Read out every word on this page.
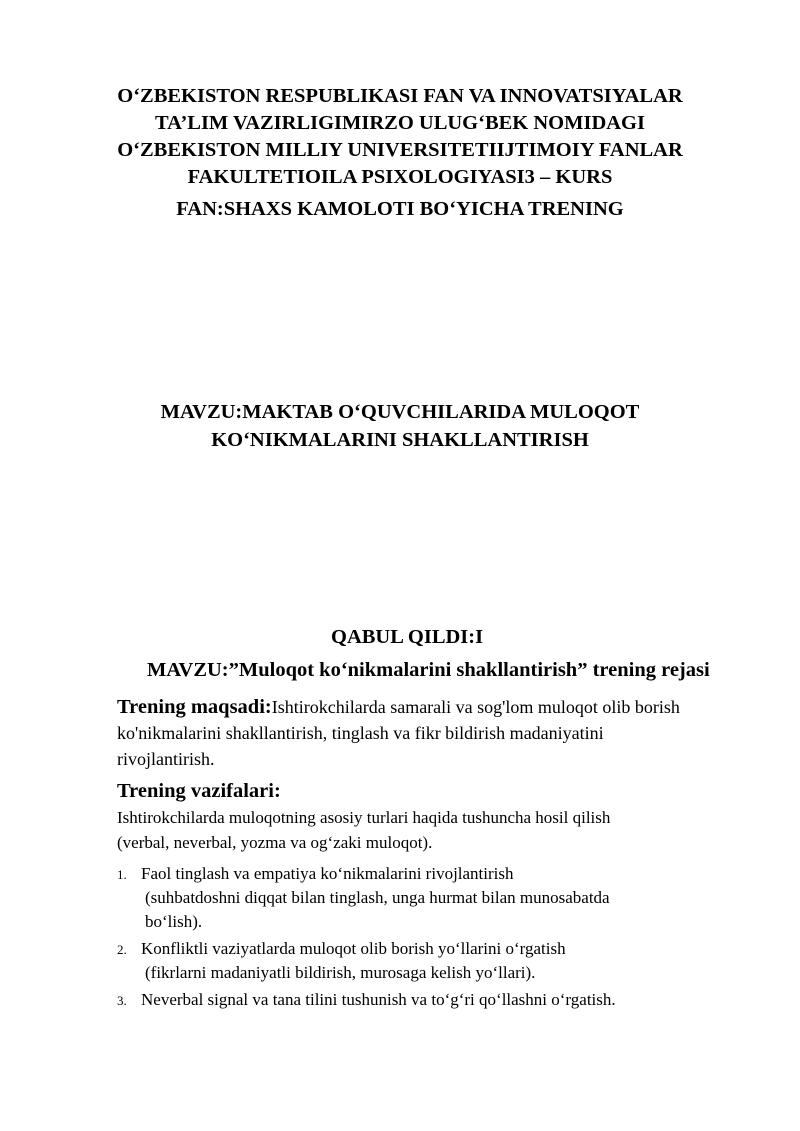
O‘ZBEKISTON RESPUBLIKASI FAN VA INNOVATSIYALAR
TA’LIM VAZIRLIGIMIRZO ULUG‘BEK NOMIDAGI
O‘ZBEKISTON MILLIY UNIVERSITETIIJTIMOIY FANLAR
FAKULTETIOILA PSIXOLOGIYASI3 – KURS
FAN:SHAXS KAMOLOTI BO‘YICHA TRENING
MAVZU:MAKTAB O‘QUVCHILARIDA MULOQOT
KO‘NIKMALARINI SHAKLLANTIRISH
QABUL QILDI:I
MAVZU:”Muloqot ko‘nikmalarini shakllantirish” trening rejasi
Trening maqsadi:Ishtirokchilarda samarali va sog'lom muloqot olib borish
ko'nikmalarini shakllantirish, tinglash va fikr bildirish madaniyatini
rivojlantirish.
Trening vazifalari:
Ishtirokchilarda muloqotning asosiy turlari haqida tushuncha hosil qilish
(verbal, neverbal, yozma va og‘zaki muloqot).
1. Faol tinglash va empatiya ko‘nikmalarini rivojlantirish
(suhbatdoshni diqqat bilan tinglash, unga hurmat bilan munosabatda
bo‘lish).
2. Konfliktli vaziyatlarda muloqot olib borish yo‘llarini o‘rgatish
(fikrlarni madaniyatli bildirish, murosaga kelish yo‘llari).
3. Neverbal signal va tana tilini tushunish va to‘g‘ri qo‘llashni o‘rgatish.
